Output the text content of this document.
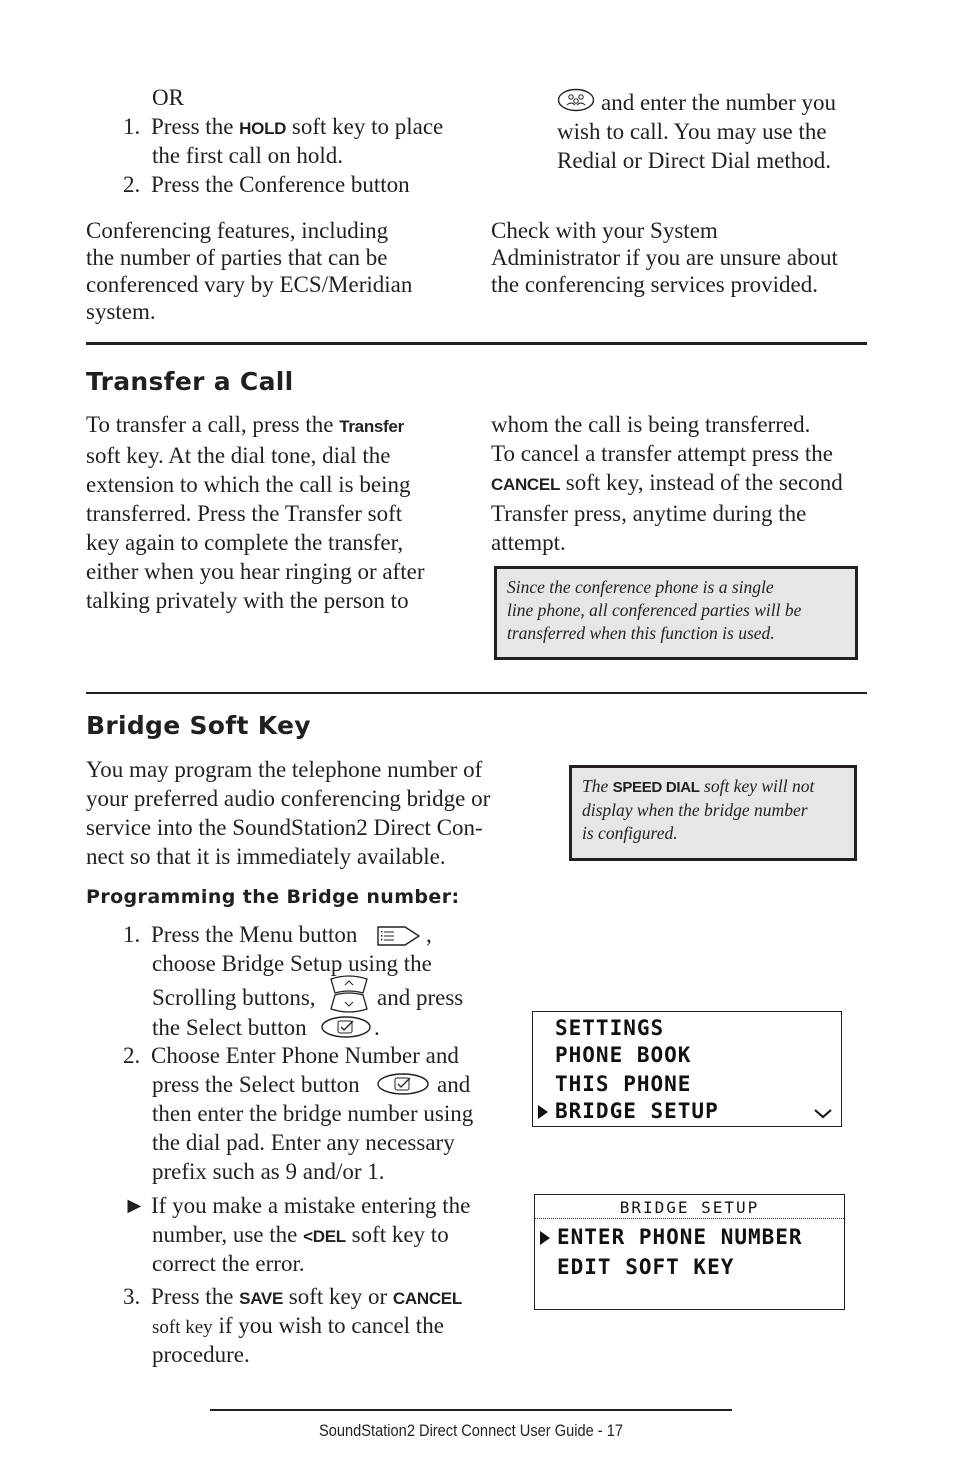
OR
1. Press the HOLD soft key to place
the first call on hold.
2. Press the Conference button
and enter the number you
wish to call. You may use the
Redial or Direct Dial method.
Conferencing features, including
the number of parties that can be
conferenced vary by ECS/Meridian
system.
Check with your System
Administrator if you are unsure about
the conferencing services provided.
Transfer a Call
To transfer a call, press the Transfer
soft key. At the dial tone, dial the
extension to which the call is being
transferred. Press the Transfer soft
key again to complete the transfer,
either when you hear ringing or after
talking privately with the person to
whom the call is being transferred.
To cancel a transfer attempt press the
CANCEL soft key, instead of the second
Transfer press, anytime during the
attempt.
Since the conference phone is a single
line phone, all conferenced parties will be
transferred when this function is used.
Bridge Soft Key
You may program the telephone number of
your preferred audio conferencing bridge or
service into the SoundStation2 Direct Con-
nect so that it is immediately available.
The SPEED DIAL soft key will not
display when the bridge number
is configured.
Programming the Bridge number:
1. Press the Menu button	,
choose Bridge Setup using the
Scrolling buttons,	and press
the Select button	.
2. Choose Enter Phone Number and
press the Select button	and
then enter the bridge number using
the dial pad. Enter any necessary
prefix such as 9 and/or 1.
► If you make a mistake entering the
number, use the <DEL soft key to
correct the error.
3. Press the SAVE soft key or CANCEL
soft key if you wish to cancel the
procedure.
SETTINGS
PHONE BOOK
THIS PHONE
BRIDGE SETUP
BRIDGE SETUP
ENTER PHONE NUMBER
EDIT SOFT KEY
SoundStation2 Direct Connect User Guide - 17
